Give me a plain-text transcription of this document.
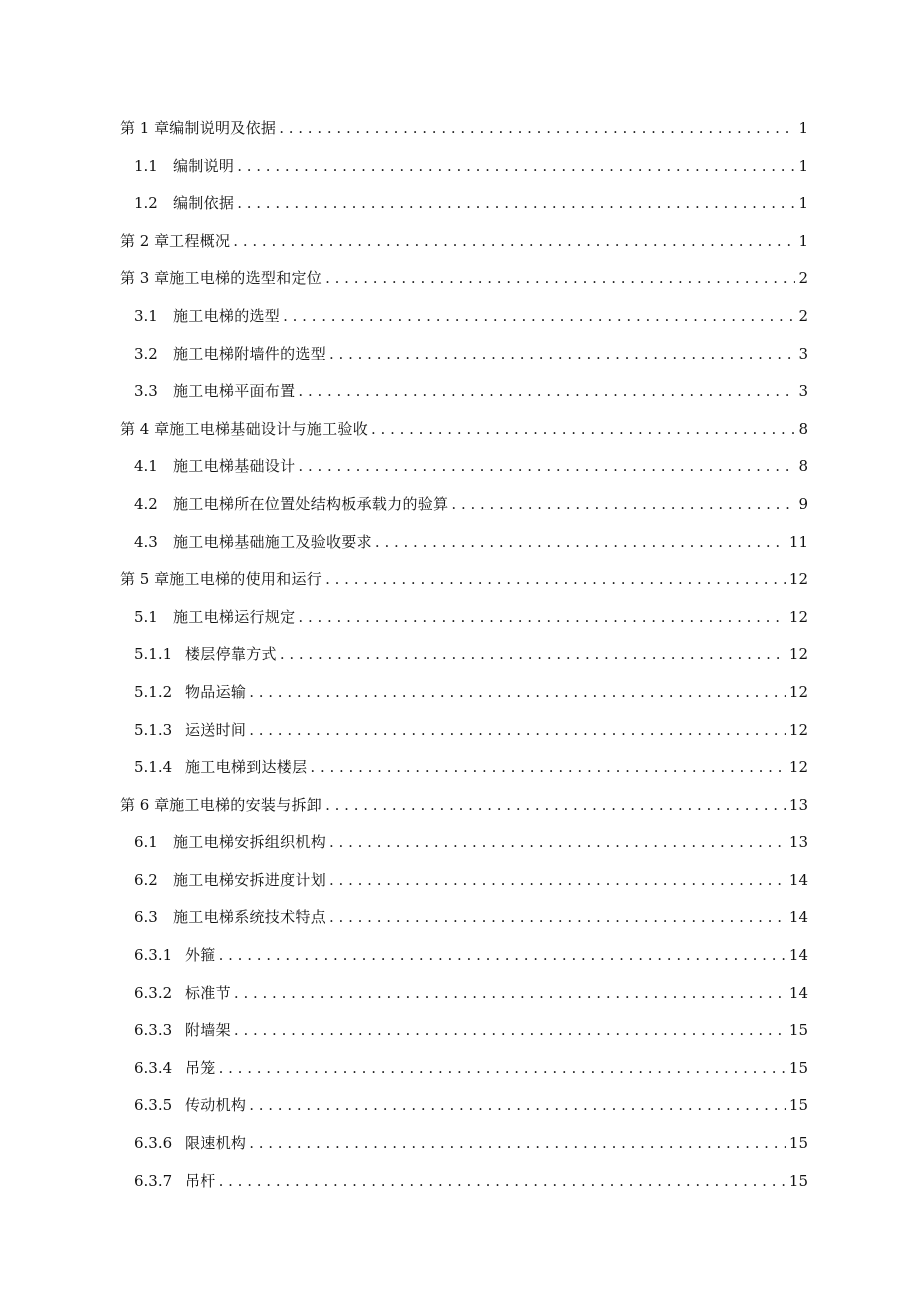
第 1 章 编制说明及依据 . . .	1
1.1	编制说明 . . .	1
1.2	编制依据 . . .	1
第 2 章 工程概况 . . .	1
第 3 章 施工电梯的选型和定位 . . .	2
3.1	施工电梯的选型 . . .	2
3.2	施工电梯附墙件的选型 . . .	3
3.3	施工电梯平面布置 . . .	3
第 4 章 施工电梯基础设计与施工验收 . . .	8
4.1	施工电梯基础设计 . . .	8
4.2	施工电梯所在位置处结构板承载力的验算 . . .	9
4.3	施工电梯基础施工及验收要求 . . .	11
第 5 章 施工电梯的使用和运行 . . .	12
5.1	施工电梯运行规定 . . .	12
5.1.1 楼层停靠方式 . . .	12
5.1.2 物品运输 . . .	12
5.1.3 运送时间 . . .	12
5.1.4 施工电梯到达楼层 . . .	12
第 6 章 施工电梯的安装与拆卸 . . .	13
6.1	施工电梯安拆组织机构 . . .	13
6.2	施工电梯安拆进度计划 . . .	14
6.3	施工电梯系统技术特点 . . .	14
6.3.1 外箍 . . .	14
6.3.2 标准节 . . .	14
6.3.3 附墙架 . . .	15
6.3.4 吊笼 . . .	15
6.3.5 传动机构 . . .	15
6.3.6 限速机构 . . .	15
6.3.7 吊杆 . . .	15
